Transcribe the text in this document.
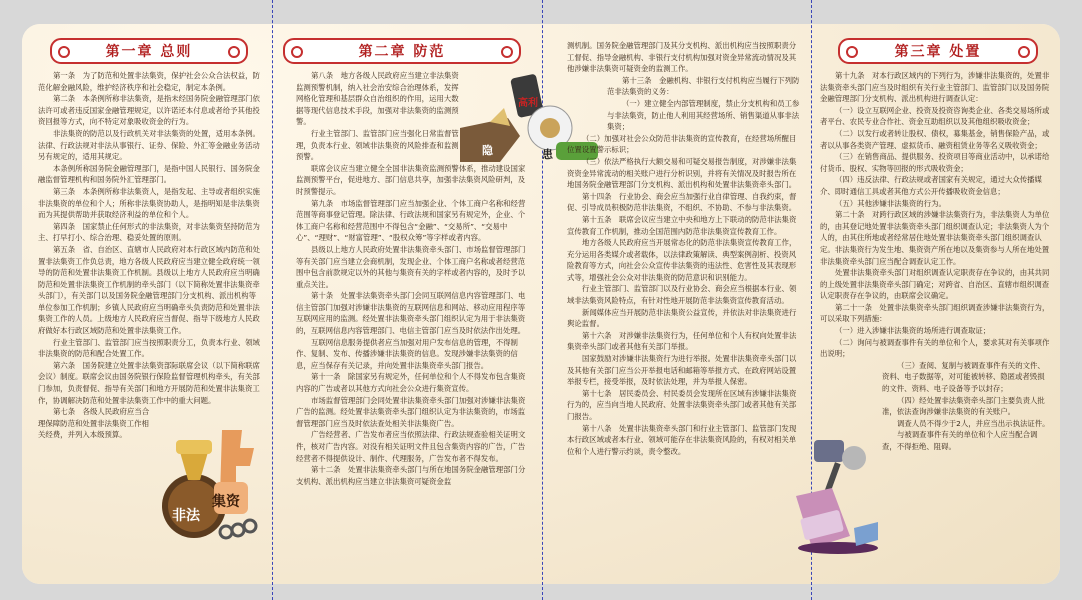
第一章 总则

第一条　为了防范和处置非法集资，保护社会公众合法权益，防范化解金融风险，维护经济秩序和社会稳定，制定本条例。

第二条　本条例所称非法集资，是指未经国务院金融管理部门依法许可或者违反国家金融管理规定，以许诺还本付息或者给予其他投资回报等方式，向不特定对象吸收资金的行为。

非法集资的防范以及行政机关对非法集资的处置，适用本条例。法律、行政法规对非法从事银行、证券、保险、外汇等金融业务活动另有规定的，适用其规定。

本条例所称国务院金融管理部门，是指中国人民银行、国务院金融监督管理机构和国务院外汇管理部门。

第三条　本条例所称非法集资人，是指发起、主导或者组织实施非法集资的单位和个人；所称非法集资协助人，是指明知是非法集资而为其提供帮助并获取经济利益的单位和个人。

第四条　国家禁止任何形式的非法集资，对非法集资坚持防范为主、打早打小、综合治理、稳妥处置的原则。

第五条　省、自治区、直辖市人民政府对本行政区域内防范和处置非法集资工作负总责，地方各级人民政府应当建立健全政府统一领导的防范和处置非法集资工作机制。县级以上地方人民政府应当明确防范和处置非法集资工作机制的牵头部门（以下简称处置非法集资牵头部门），有关部门以及国务院金融管理部门分支机构、派出机构等单位参加工作机制；乡镇人民政府应当明确牵头负责防范和处置非法集资工作的人员。上级地方人民政府应当督促、指导下级地方人民政府做好本行政区域防范和处置非法集资工作。

行业主管部门、监管部门应当按照职责分工，负责本行业、领域非法集资的防范和配合处置工作。

第六条　国务院建立处置非法集资部际联席会议（以下简称联席会议）制度。联席会议由国务院银行保险监督管理机构牵头，有关部门参加，负责督促、指导有关部门和地方开展防范和处置非法集资工作，协调解决防范和处置非法集资工作中的重大问题。

第七条　各级人民政府应当合理保障防范和处置非法集资工作相关经费，并列入本级预算。

非法
集资
第二章 防范

第八条　地方各级人民政府应当建立非法集资监测预警机制，纳入社会治安综合治理体系，发挥网格化管理和基层群众自治组织的作用，运用大数据等现代信息技术手段，加强对非法集资的监测预警。

行业主管部门、监管部门应当强化日常监督管理，负责本行业、领域非法集资的风险排查和监测预警。

联席会议应当建立健全全国非法集资监测预警体系，推动建设国家监测预警平台，促进地方、部门信息共享，加强非法集资风险研判，及时预警提示。

第九条　市场监督管理部门应当加强企业、个体工商户名称和经营范围等商事登记管理。除法律、行政法规和国家另有规定外，企业、个体工商户名称和经营范围中不得包含“金融”、“交易所”、“交易中心”、“理财”、“财富管理”、“股权众筹”等字样或者内容。

县级以上地方人民政府处置非法集资牵头部门、市场监督管理部门等有关部门应当建立会商机制，发现企业、个体工商户名称或者经营范围中包含前款规定以外的其他与集资有关的字样或者内容的，及时予以重点关注。

第十条　处置非法集资牵头部门会同互联网信息内容管理部门、电信主管部门加强对涉嫌非法集资的互联网信息和网站、移动应用程序等互联网应用的监测。经处置非法集资牵头部门组织认定为用于非法集资的，互联网信息内容管理部门、电信主管部门应当及时依法作出处理。

互联网信息服务提供者应当加强对用户发布信息的管理，不得制作、复制、发布、传播涉嫌非法集资的信息。发现涉嫌非法集资的信息，应当保存有关记录，并向处置非法集资牵头部门报告。

第十一条　除国家另有规定外，任何单位和个人不得发布包含集资内容的广告或者以其他方式向社会公众进行集资宣传。

市场监督管理部门会同处置非法集资牵头部门加强对涉嫌非法集资广告的监测。经处置非法集资牵头部门组织认定为非法集资的，市场监督管理部门应当及时依法查处相关非法集资广告。

广告经营者、广告发布者应当依照法律、行政法规查验相关证明文件，核对广告内容。对没有相关证明文件且包含集资内容的广告，广告经营者不得提供设计、制作、代理服务，广告发布者不得发布。

第十二条　处置非法集资牵头部门与所在地国务院金融管理部门分支机构、派出机构应当建立非法集资可疑资金监

高利
隐	患

测机制。国务院金融管理部门及其分支机构、派出机构应当按照职责分工督促、指导金融机构、非银行支付机构加强对资金异常流动情况及其他涉嫌非法集资可疑资金的监测工作。

第十三条　金融机构、非银行支付机构应当履行下列防范非法集资的义务：

（一）建立健全内部管理制度，禁止分支机构和员工参与非法集资，防止他人利用其经营场所、销售渠道从事非法集资；

（二）加强对社会公众防范非法集资的宣传教育，在经营场所醒目位置设置警示标识；

（三）依法严格执行大额交易和可疑交易报告制度，对涉嫌非法集资资金异常流动的相关账户进行分析识别，并将有关情况及时报告所在地国务院金融管理部门分支机构、派出机构和处置非法集资牵头部门。

第十四条　行业协会、商会应当加强行业自律管理、自我约束，督促、引导成员积极防范非法集资，不组织、不协助、不参与非法集资。

第十五条　联席会议应当建立中央和地方上下联动的防范非法集资宣传教育工作机制，推动全国范围内防范非法集资宣传教育工作。

地方各级人民政府应当开展常态化的防范非法集资宣传教育工作，充分运用各类媒介或者载体，以法律政策解读、典型案例剖析、投资风险教育等方式，向社会公众宣传非法集资的违法性、危害性及其表现形式等，增强社会公众对非法集资的防范意识和识别能力。

行业主管部门、监管部门以及行业协会、商会应当根据本行业、领域非法集资风险特点，有针对性地开展防范非法集资宣传教育活动。

新闻媒体应当开展防范非法集资公益宣传，并依法对非法集资进行舆论监督。

第十六条　对涉嫌非法集资行为，任何单位和个人有权向处置非法集资牵头部门或者其他有关部门举报。

国家鼓励对涉嫌非法集资行为进行举报。处置非法集资牵头部门以及其他有关部门应当公开举报电话和邮箱等举报方式、在政府网站设置举报专栏，接受举报，及时依法处理，并为举报人保密。

第十七条　居民委员会、村民委员会发现所在区域有涉嫌非法集资行为的，应当向当地人民政府、处置非法集资牵头部门或者其他有关部门报告。

第十八条　处置非法集资牵头部门和行业主管部门、监管部门发现本行政区域或者本行业、领域可能存在非法集资风险的，有权对相关单位和个人进行警示约谈，责令整改。

第三章 处置

第十九条　对本行政区域内的下列行为，涉嫌非法集资的，处置非法集资牵头部门应当及时组织有关行业主管部门、监管部门以及国务院金融管理部门分支机构、派出机构进行调查认定：

（一）设立互联网企业、投资及投资咨询类企业、各类交易场所或者平台、农民专业合作社、资金互助组织以及其他组织吸收资金；

（二）以发行或者转让股权、债权，募集基金，销售保险产品，或者以从事各类资产管理、虚拟货币、融资租赁业务等名义吸收资金；

（三）在销售商品、提供服务、投资项目等商业活动中，以承诺给付货币、股权、实物等回报的形式吸收资金；

（四）违反法律、行政法规或者国家有关规定，通过大众传播媒介、即时通信工具或者其他方式公开传播吸收资金信息；

（五）其他涉嫌非法集资的行为。

第二十条　对跨行政区域的涉嫌非法集资行为，非法集资人为单位的，由其登记地处置非法集资牵头部门组织调查认定；非法集资人为个人的，由其住所地或者经常居住地处置非法集资牵头部门组织调查认定。非法集资行为发生地、集资资产所在地以及集资参与人所在地处置非法集资牵头部门应当配合调查认定工作。

处置非法集资牵头部门对组织调查认定职责存在争议的，由其共同的上级处置非法集资牵头部门确定；对跨省、自治区、直辖市组织调查认定职责存在争议的，由联席会议确定。

第二十一条　处置非法集资牵头部门组织调查涉嫌非法集资行为，可以采取下列措施：

（一）进入涉嫌非法集资的场所进行调查取证；

（二）询问与被调查事件有关的单位和个人，要求其对有关事项作出说明；

（三）查阅、复制与被调查事件有关的文件、资料、电子数据等，对可能被转移、隐匿或者毁损的文件、资料、电子设备等予以封存；

（四）经处置非法集资牵头部门主要负责人批准，依法查询涉嫌非法集资的有关账户。

调查人员不得少于2人，并应当出示执法证件。

与被调查事件有关的单位和个人应当配合调查，不得拒绝、阻碍。
